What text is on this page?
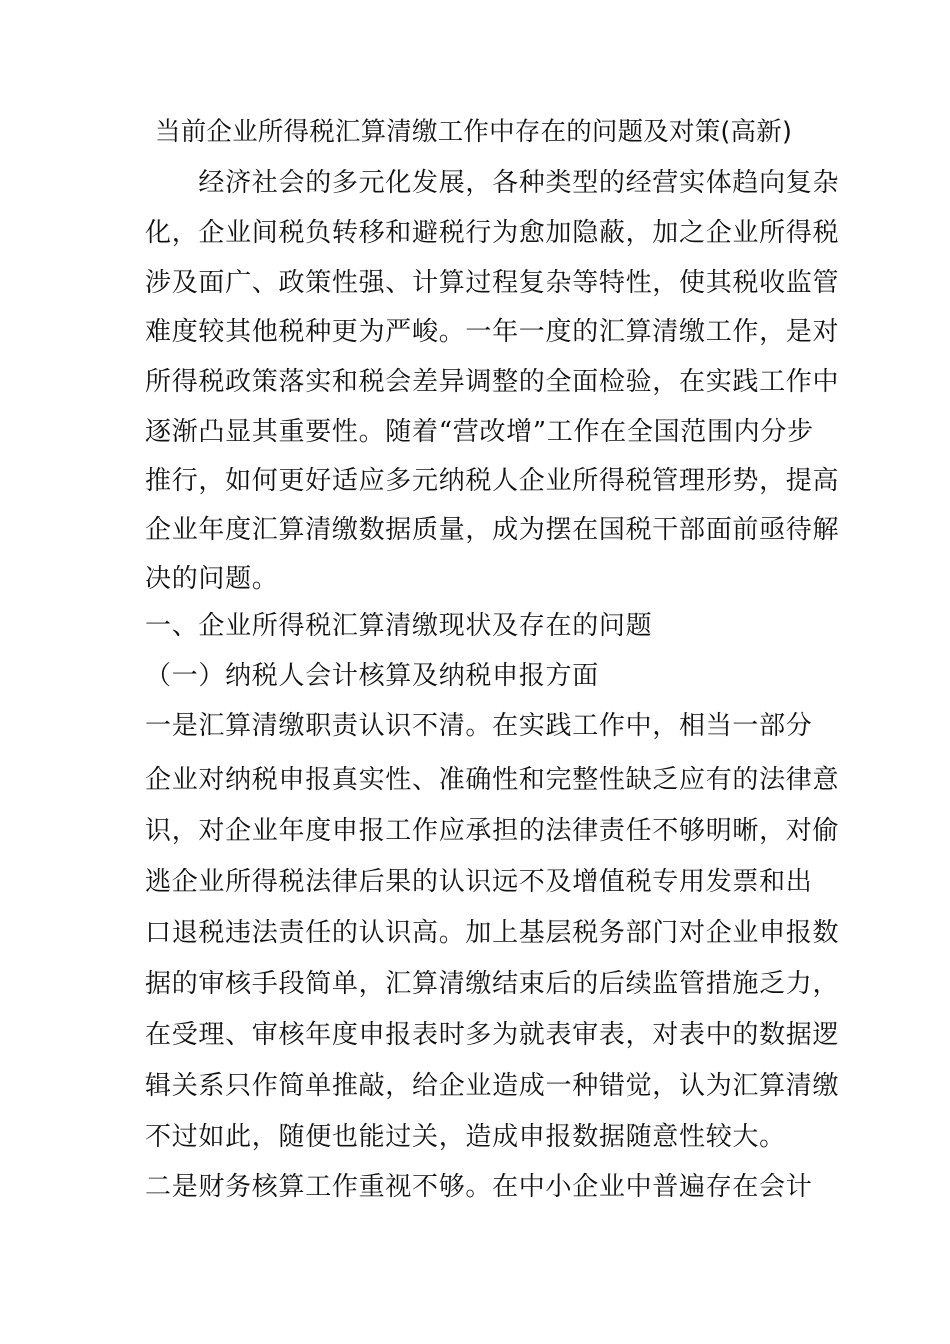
当前企业所得税汇算清缴工作中存在的问题及对策(高新)
　　经济社会的多元化发展，各种类型的经营实体趋向复杂
化，企业间税负转移和避税行为愈加隐蔽，加之企业所得税
涉及面广、政策性强、计算过程复杂等特性，使其税收监管
难度较其他税种更为严峻。一年一度的汇算清缴工作，是对
所得税政策落实和税会差异调整的全面检验，在实践工作中
逐渐凸显其重要性。随着“营改增”工作在全国范围内分步
推行，如何更好适应多元纳税人企业所得税管理形势，提高
企业年度汇算清缴数据质量，成为摆在国税干部面前亟待解
决的问题。
一、企业所得税汇算清缴现状及存在的问题
（一）纳税人会计核算及纳税申报方面
一是汇算清缴职责认识不清。在实践工作中，相当一部分
企业对纳税申报真实性、准确性和完整性缺乏应有的法律意
识，对企业年度申报工作应承担的法律责任不够明晰，对偷
逃企业所得税法律后果的认识远不及增值税专用发票和出
口退税违法责任的认识高。加上基层税务部门对企业申报数
据的审核手段简单，汇算清缴结束后的后续监管措施乏力，
在受理、审核年度申报表时多为就表审表，对表中的数据逻
辑关系只作简单推敲，给企业造成一种错觉，认为汇算清缴
不过如此，随便也能过关，造成申报数据随意性较大。
二是财务核算工作重视不够。在中小企业中普遍存在会计
